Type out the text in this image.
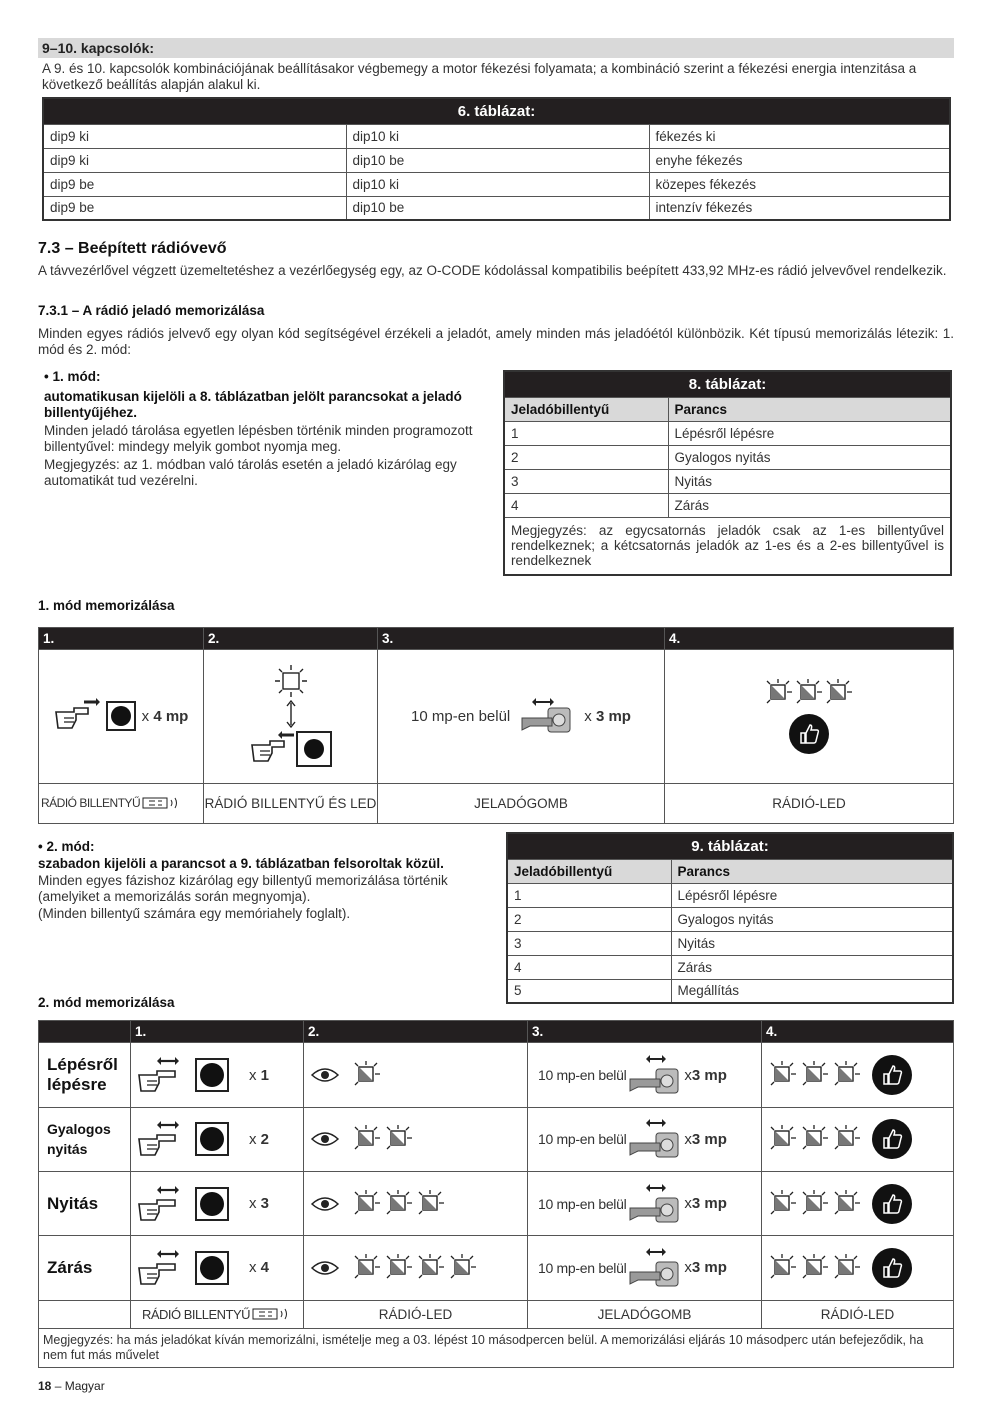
9–10. kapcsolók:
A 9. és 10. kapcsolók kombinációjának beállításakor végbemegy a motor fékezési folyamata; a kombináció szerint a fékezési energia intenzitása a következő beállítás alapján alakul ki.
6. táblázat:		
dip9 ki	dip10 ki	fékezés ki
dip9 ki	dip10 be	enyhe fékezés
dip9 be	dip10 ki	közepes fékezés
dip9 be	dip10 be	intenzív fékezés
7.3 – Beépített rádióvevő
A távvezérlővel végzett üzemeltetéshez a vezérlőegység egy, az O-CODE kódolással kompatibilis beépített 433,92 MHz-es rádió jelvevővel rendelkezik.
7.3.1 – A rádió jeladó memorizálása
Minden egyes rádiós jelvevő egy olyan kód segítségével érzékeli a jeladót, amely minden más jeladóétól különbözik. Két típusú memorizálás létezik: 1. mód és 2. mód:
• 1. mód:
automatikusan kijelöli a 8. táblázatban jelölt parancsokat a jeladó billentyűjéhez.
Minden jeladó tárolása egyetlen lépésben történik minden programozott billentyűvel: mindegy melyik gombot nyomja meg.
Megjegyzés: az 1. módban való tárolás esetén a jeladó kizárólag egy automatikát tud vezérelni.
8. táblázat:	
Jeladóbillentyű	Parancs
1	Lépésről lépésre
2	Gyalogos nyitás
3	Nyitás
4	Zárás
Megjegyzés: az egycsatornás jeladók csak az 1-es billentyűvel rendelkeznek; a kétcsatornás jeladók az 1-es és a 2-es billentyűvel is rendelkeznek	
1. mód memorizálása
1.	2.	3.	4.

x 4 mp		10 mp-en belül x 3 mp

RÁDIÓ BILLENTYŰ	RÁDIÓ BILLENTYŰ ÉS LED	JELADÓGOMB	RÁDIÓ-LED
• 2. mód:
szabadon kijelöli a parancsot a 9. táblázatban felsoroltak közül.
Minden egyes fázishoz kizárólag egy billentyű memorizálása történik (amelyiket a memorizálás során megnyomja).
(Minden billentyű számára egy memóriahely foglalt).
9. táblázat:	
Jeladóbillentyű	Parancs
1	Lépésről lépésre
2	Gyalogos nyitás
3	Nyitás
4	Zárás
5	Megállítás
2. mód memorizálása
	1.	2.	3.	4.
Lépésről lépésre	x 1		10 mp-en belül x3 mp

Gyalogos nyitás	x 2		10 mp-en belül x3 mp

Nyitás	x 3		10 mp-en belül x3 mp

Zárás	x 4		10 mp-en belül x3 mp

	RÁDIÓ BILLENTYŰ	RÁDIÓ-LED	JELADÓGOMB	RÁDIÓ-LED
Megjegyzés: ha más jeladókat kíván memorizálni, ismételje meg a 03. lépést 10 másodpercen belül. A memorizálási eljárás 10 másodperc után befejeződik, ha nem fut más művelet				
18 – Magyar
